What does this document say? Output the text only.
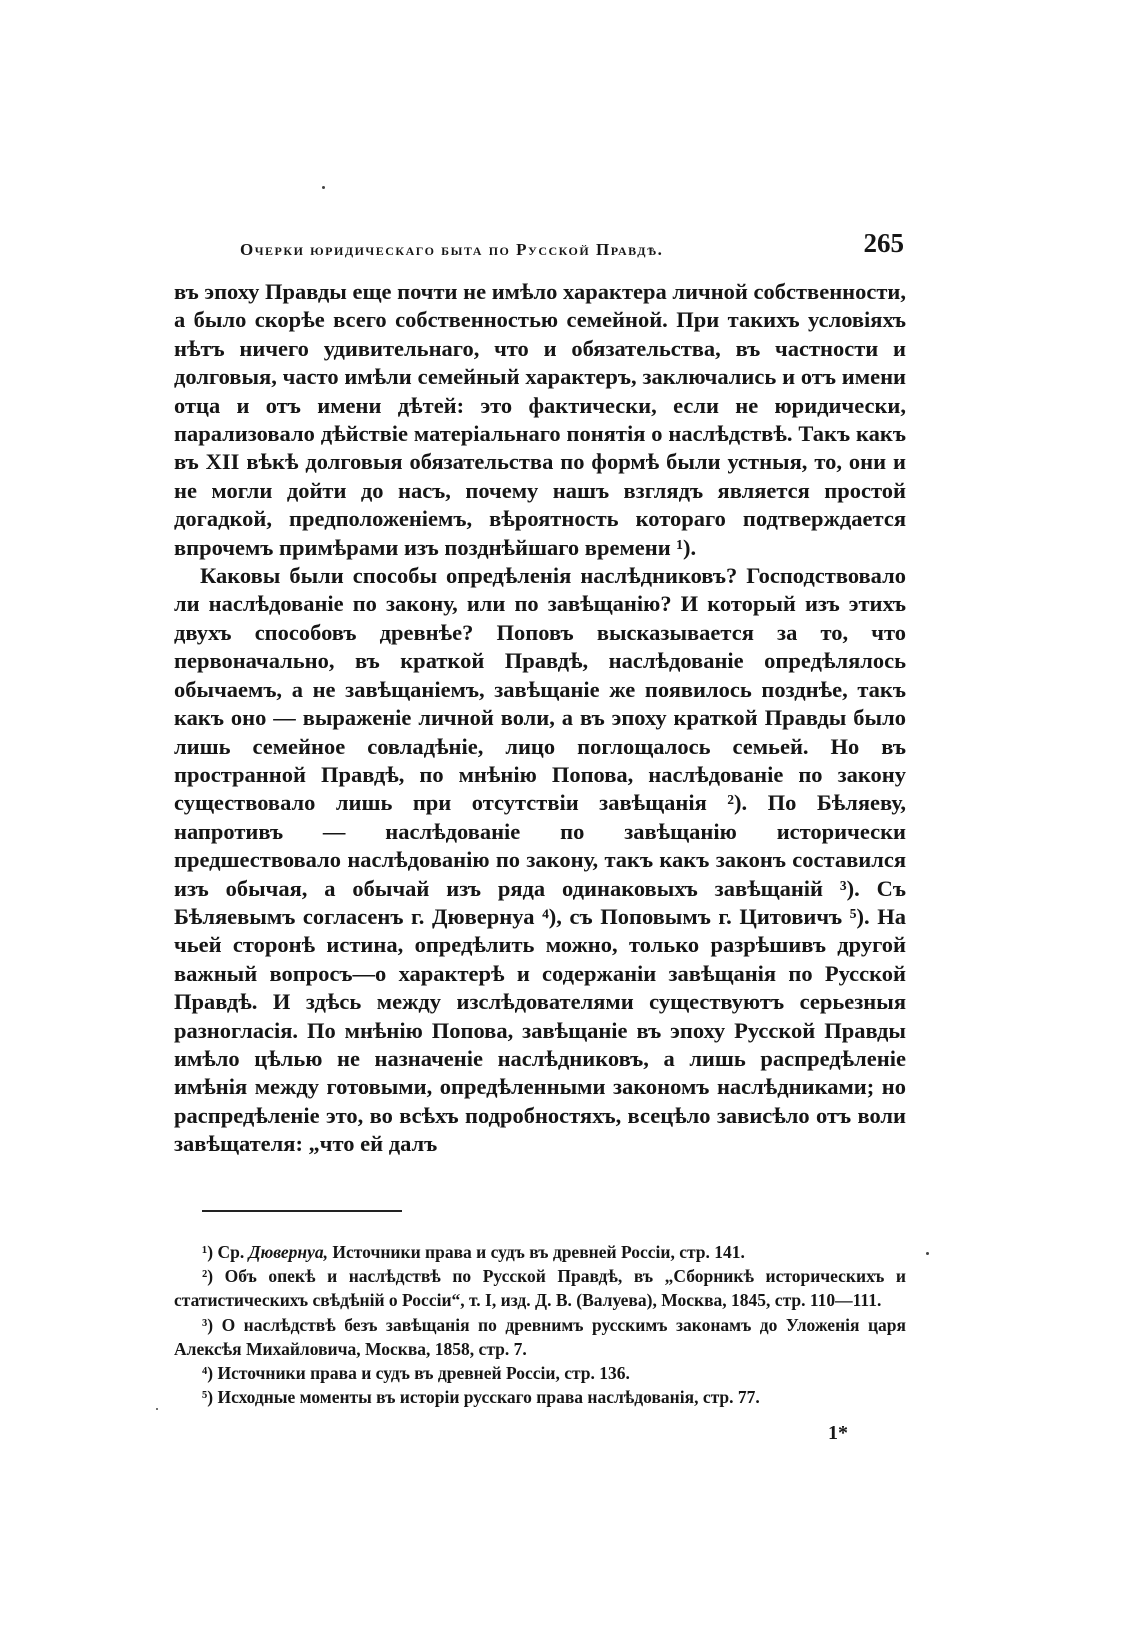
Очерки юридическаго быта по Русской Правдѣ.	265

въ эпоху Правды еще почти не имѣло характера личной собственности, а было скорѣе всего собственностью семейной. При такихъ условіяхъ нѣтъ ничего удивительнаго, что и обязательства, въ частности и долговыя, часто имѣли семейный характеръ, заключались и отъ имени отца и отъ имени дѣтей: это фактически, если не юридически, парализовало дѣйствіе матеріальнаго понятія о наслѣдствѣ. Такъ какъ въ XII вѣкѣ долговыя обязательства по формѣ были устныя, то, они и не могли дойти до насъ, почему нашъ взглядъ является простой догадкой, предположеніемъ, вѣроятность котораго подтверждается впрочемъ примѣрами изъ позднѣйшаго времени ¹).

Каковы были способы опредѣленія наслѣдниковъ? Господствовало ли наслѣдованіе по закону, или по завѣщанію? И который изъ этихъ двухъ способовъ древнѣе? Поповъ высказывается за то, что первоначально, въ краткой Правдѣ, наслѣдованіе опредѣлялось обычаемъ, а не завѣщаніемъ, завѣщаніе же появилось позднѣе, такъ какъ оно — выраженіе личной воли, а въ эпоху краткой Правды было лишь семейное совладѣніе, лицо поглощалось семьей. Но въ пространной Правдѣ, по мнѣнію Попова, наслѣдованіе по закону существовало лишь при отсутствіи завѣщанія ²). По Бѣляеву, напротивъ — наслѣдованіе по завѣщанію исторически предшествовало наслѣдованію по закону, такъ какъ законъ составился изъ обычая, а обычай изъ ряда одинаковыхъ завѣщаній ³). Съ Бѣляевымъ согласенъ г. Дювернуа ⁴), съ Поповымъ г. Цитовичъ ⁵). На чьей сторонѣ истина, опредѣлить можно, только разрѣшивъ другой важный вопросъ—о характерѣ и содержаніи завѣщанія по Русской Правдѣ. И здѣсь между изслѣдователями существуютъ серьезныя разногласія. По мнѣнію Попова, завѣщаніе въ эпоху Русской Правды имѣло цѣлью не назначеніе наслѣдниковъ, а лишь распредѣленіе имѣнія между готовыми, опредѣленными закономъ наслѣдниками; но распредѣленіе это, во всѣхъ подробностяхъ, всецѣло зависѣло отъ воли завѣщателя: „что ей далъ

¹) Ср. Дювернуа, Источники права и судъ въ древней Россіи, стр. 141.

²) Объ опекѣ и наслѣдствѣ по Русской Правдѣ, въ „Сборникѣ историческихъ и статистическихъ свѣдѣній о Россіи“, т. I, изд. Д. В. (Валуева), Москва, 1845, стр. 110—111.

³) О наслѣдствѣ безъ завѣщанія по древнимъ русскимъ законамъ до Уложенія царя Алексѣя Михайловича, Москва, 1858, стр. 7.

⁴) Источники права и судъ въ древней Россіи, стр. 136.

⁵) Исходные моменты въ исторіи русскаго права наслѣдованія, стр. 77.

1*
